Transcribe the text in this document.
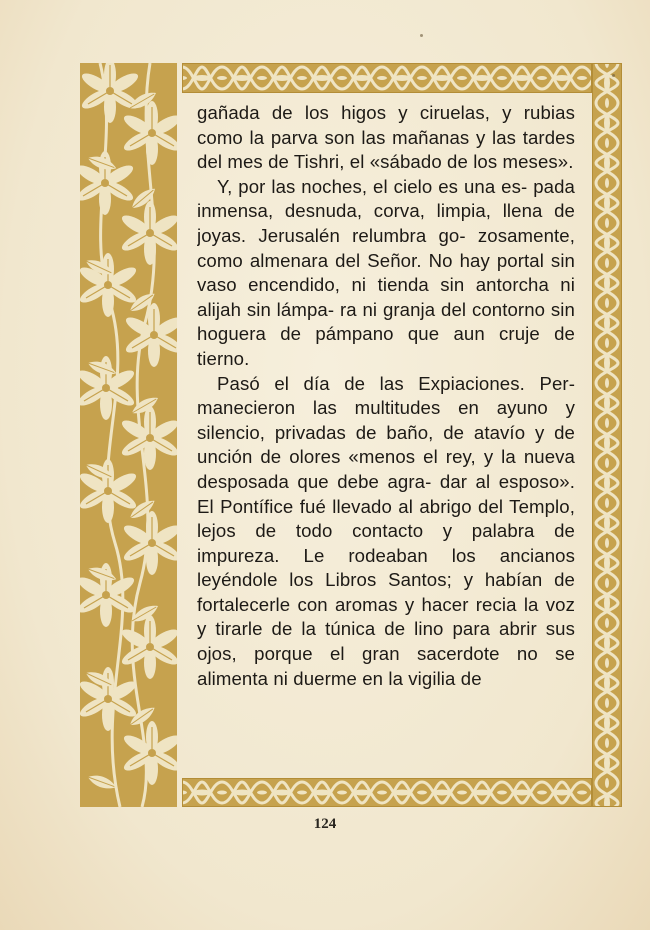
gañada de los higos y ciruelas, y rubias como la parva son las mañanas y las tardes del mes de Tishri, el «sábado de los meses».

Y, por las noches, el cielo es una es- pada inmensa, desnuda, corva, limpia, llena de joyas. Jerusalén relumbra go- zosamente, como almenara del Señor. No hay portal sin vaso encendido, ni tienda sin antorcha ni alijah sin lámpa- ra ni granja del contorno sin hoguera de pámpano que aun cruje de tierno.

Pasó el día de las Expiaciones. Per- manecieron las multitudes en ayuno y silencio, privadas de baño, de atavío y de unción de olores «menos el rey, y la nueva desposada que debe agra- dar al esposo». El Pontífice fué llevado al abrigo del Templo, lejos de todo contacto y palabra de impureza. Le rodeaban los ancianos leyéndole los Libros Santos; y habían de fortalecerle con aromas y hacer recia la voz y tirarle de la túnica de lino para abrir sus ojos, porque el gran sacerdote no se alimenta ni duerme en la vigilia de

124
